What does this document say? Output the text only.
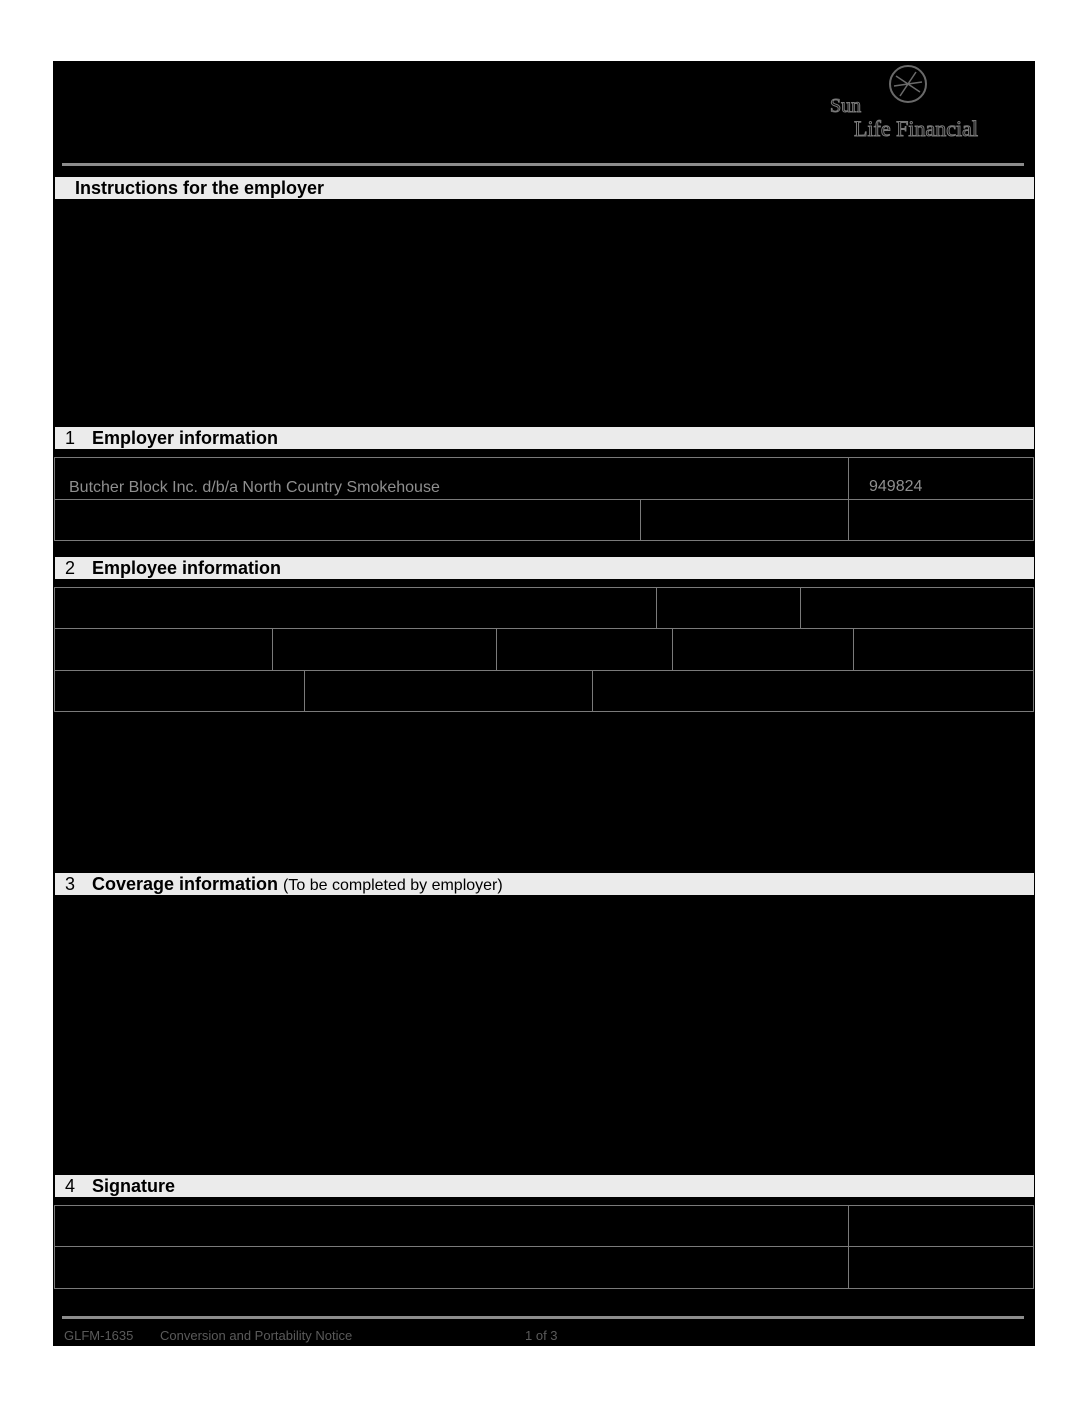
Sun
Life Financial
Instructions for the employer
1 Employer information
Butcher Block Inc. d/b/a North Country Smokehouse	949824
2 Employee information
3 Coverage information (To be completed by employer)
4 Signature
GLFM-1635 Conversion and Portability Notice	1 of 3
